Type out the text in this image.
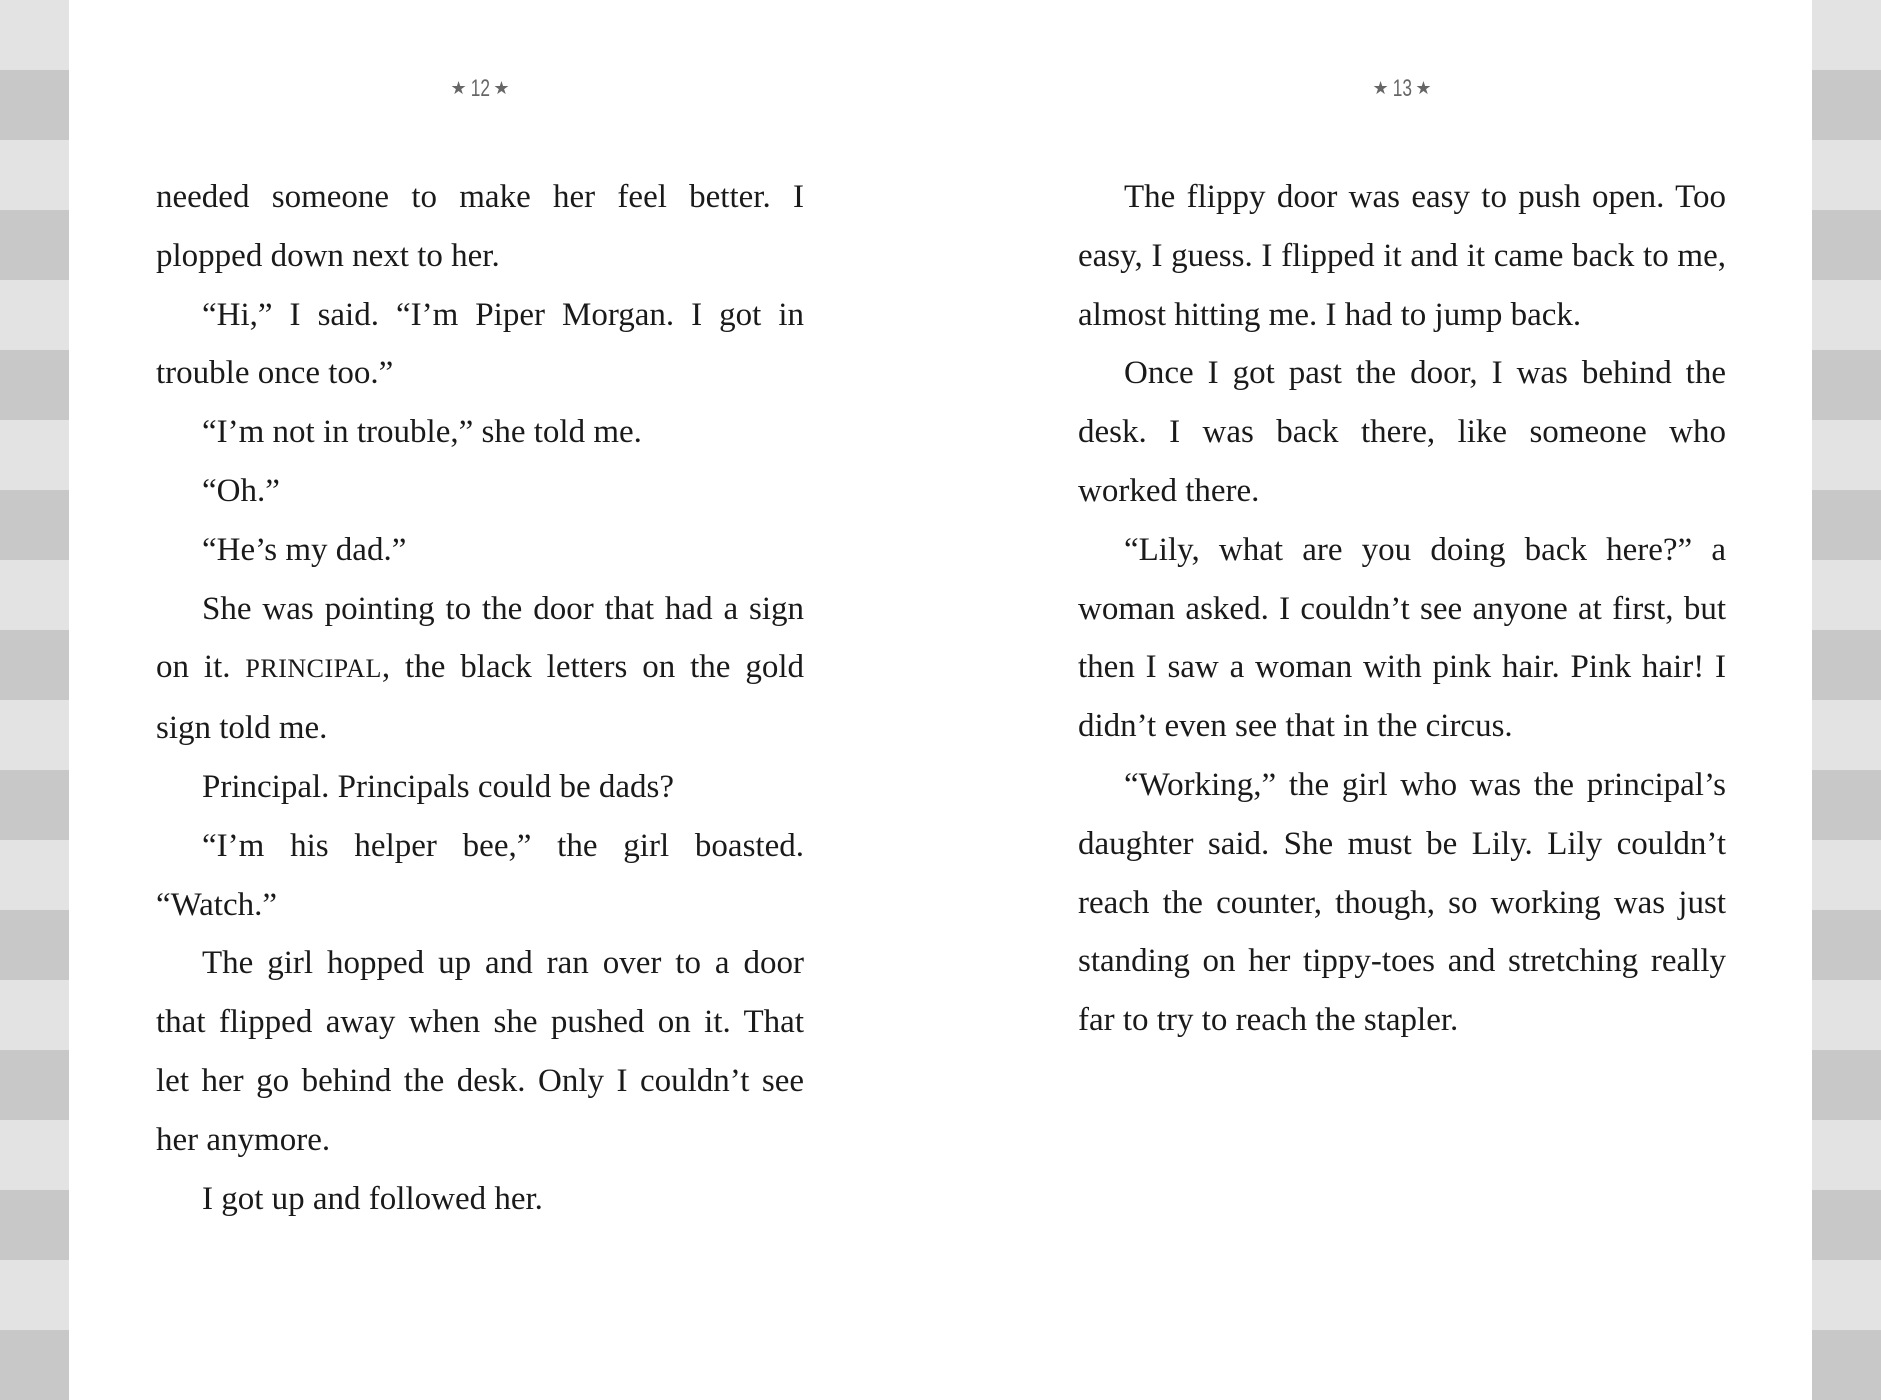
★ 12 ★

needed someone to make her feel better. I plopped down next to her.

“Hi,” I said. “I’m Piper Morgan. I got in trouble once too.”

“I’m not in trouble,” she told me.

“Oh.”

“He’s my dad.”

She was pointing to the door that had a sign on it. PRINCIPAL, the black letters on the gold sign told me.

Principal. Principals could be dads?

“I’m his helper bee,” the girl boasted. “Watch.”

The girl hopped up and ran over to a door that flipped away when she pushed on it. That let her go behind the desk. Only I couldn’t see her anymore.

I got up and followed her.

★ 13 ★

The flippy door was easy to push open. Too easy, I guess. I flipped it and it came back to me, almost hitting me. I had to jump back.

Once I got past the door, I was behind the desk. I was back there, like someone who worked there.

“Lily, what are you doing back here?” a woman asked. I couldn’t see anyone at first, but then I saw a woman with pink hair. Pink hair! I didn’t even see that in the circus.

“Working,” the girl who was the principal’s daughter said. She must be Lily. Lily couldn’t reach the counter, though, so working was just standing on her tippy-toes and stretching really far to try to reach the stapler.
